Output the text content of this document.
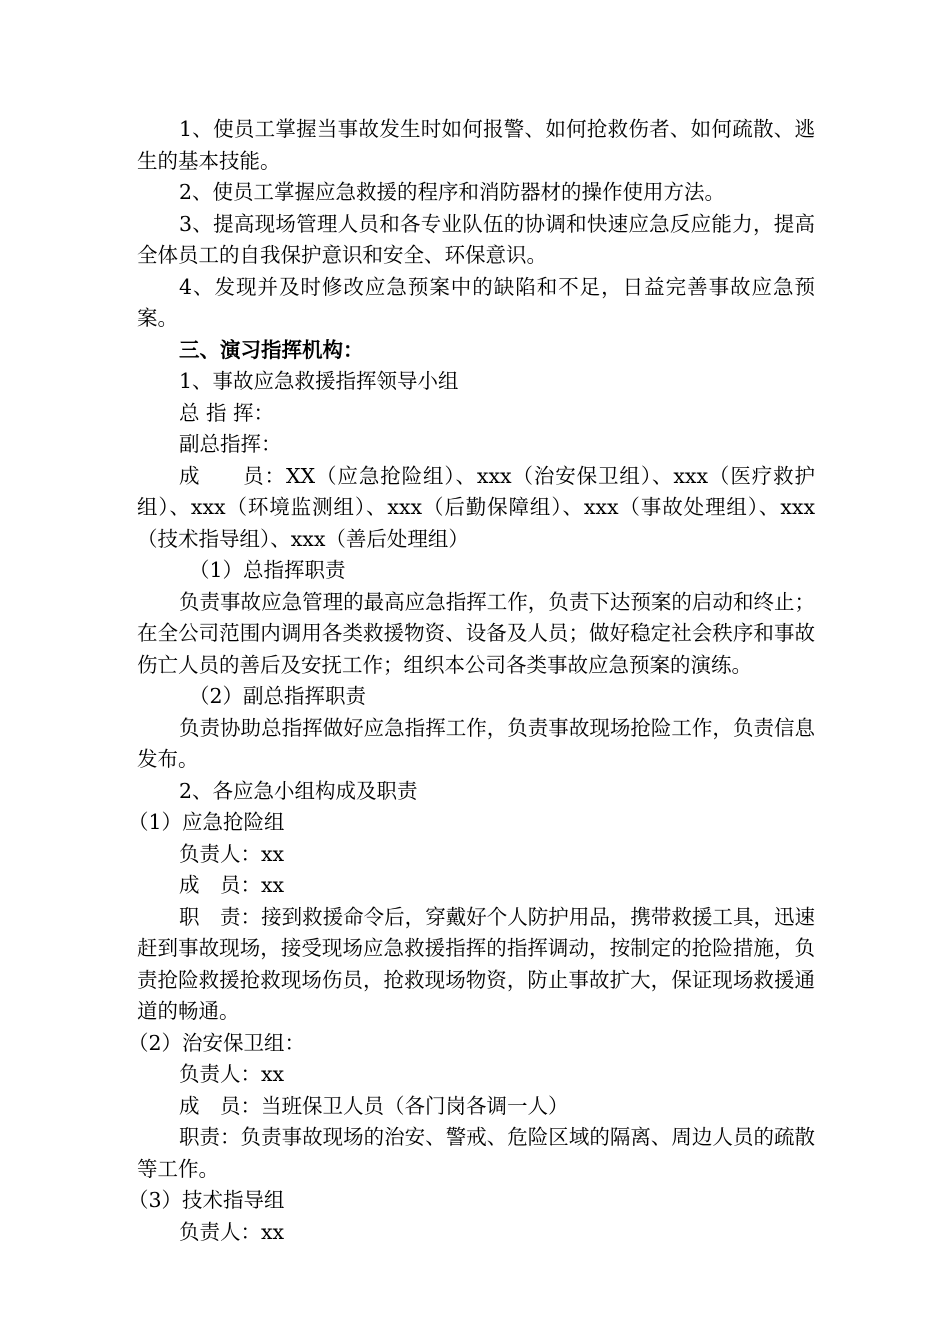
1、使员工掌握当事故发生时如何报警、如何抢救伤者、如何疏散、逃生的基本技能。

2、使员工掌握应急救援的程序和消防器材的操作使用方法。

3、提高现场管理人员和各专业队伍的协调和快速应急反应能力，提高全体员工的自我保护意识和安全、环保意识。

4、发现并及时修改应急预案中的缺陷和不足，日益完善事故应急预案。

三、演习指挥机构：

1、事故应急救援指挥领导小组

总 指 挥：

副总指挥：

成　　员：XX（应急抢险组）、xxx（治安保卫组）、xxx（医疗救护组）、xxx（环境监测组）、xxx（后勤保障组）、xxx（事故处理组）、xxx（技术指导组）、xxx（善后处理组）

（1）总指挥职责

负责事故应急管理的最高应急指挥工作，负责下达预案的启动和终止；在全公司范围内调用各类救援物资、设备及人员；做好稳定社会秩序和事故伤亡人员的善后及安抚工作；组织本公司各类事故应急预案的演练。

（2）副总指挥职责

负责协助总指挥做好应急指挥工作，负责事故现场抢险工作，负责信息发布。

2、各应急小组构成及职责

（1）应急抢险组

负责人：xx

成　员：xx

职　责：接到救援命令后，穿戴好个人防护用品，携带救援工具，迅速赶到事故现场，接受现场应急救援指挥的指挥调动，按制定的抢险措施，负责抢险救援抢救现场伤员，抢救现场物资，防止事故扩大，保证现场救援通道的畅通。

（2）治安保卫组：

负责人：xx

成　员：当班保卫人员（各门岗各调一人）

职责：负责事故现场的治安、警戒、危险区域的隔离、周边人员的疏散等工作。

（3）技术指导组

负责人：xx
